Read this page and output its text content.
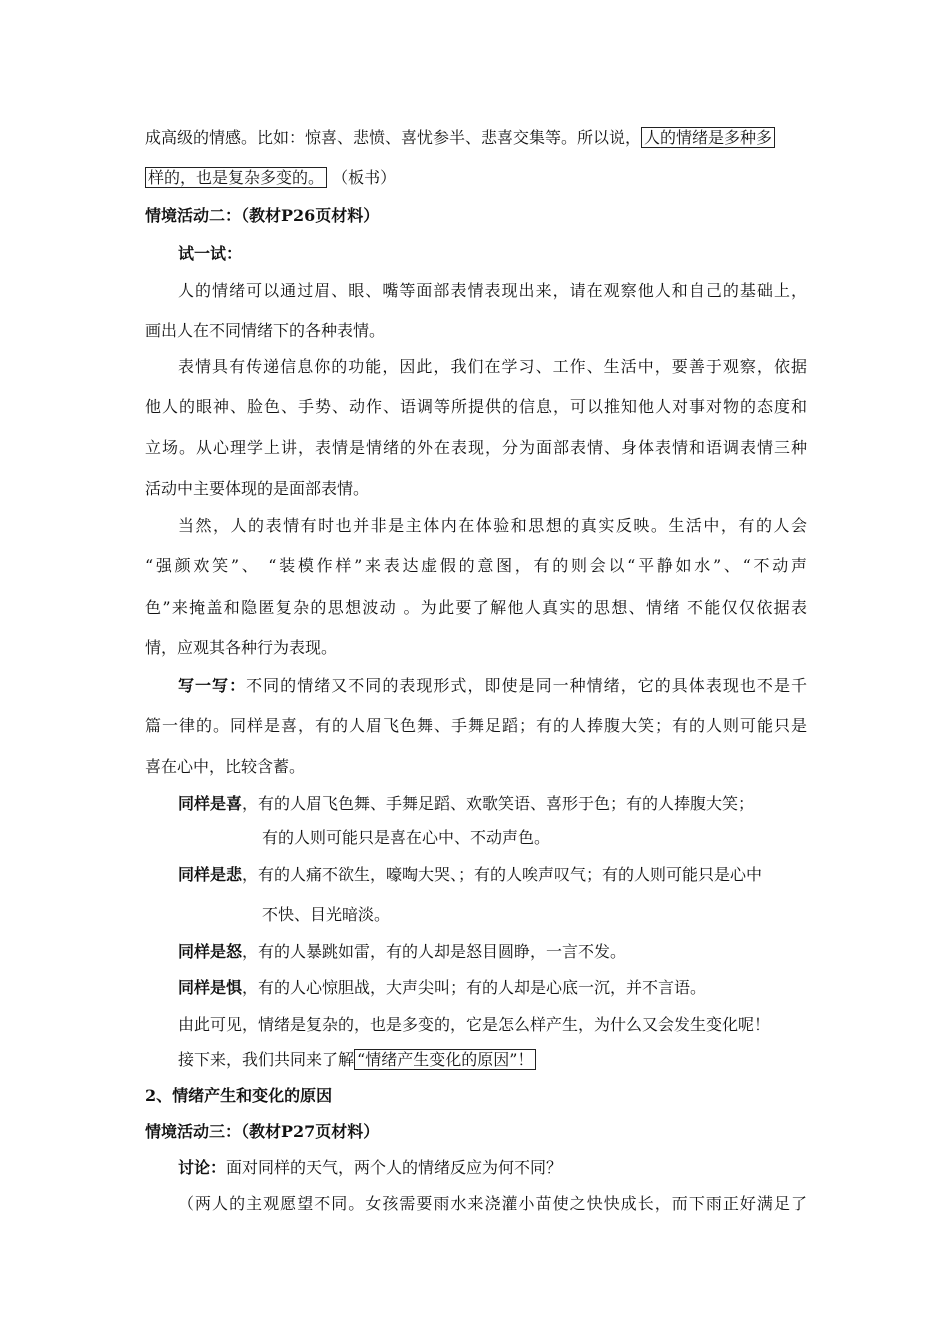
成高级的情感。比如：惊喜、悲愤、喜忧参半、悲喜交集等。所以说， 人的情绪是多种多
样的，也是复杂多变的。 （板书）
情境活动二：（教材P26页材料）
试一试：
人的情绪可以通过眉、眼、嘴等面部表情表现出来，请在观察他人和自己的基础上，
画出人在不同情绪下的各种表情。
表情具有传递信息你的功能，因此，我们在学习、工作、生活中，要善于观察，依据
他人的眼神、脸色、手势、动作、语调等所提供的信息，可以推知他人对事对物的态度和
立场。从心理学上讲，表情是情绪的外在表现，分为面部表情、身体表情和语调表情三种
活动中主要体现的是面部表情。
当然，人的表情有时也并非是主体内在体验和思想的真实反映。生活中，有的人会
“强颜欢笑”、 “装模作样”来表达虚假的意图，有的则会以“平静如水”、“不动声
色”来掩盖和隐匿复杂的思想波动 。为此要了解他人真实的思想、情绪 不能仅仅依据表
情，应观其各种行为表现。
写一写：不同的情绪又不同的表现形式，即使是同一种情绪，它的具体表现也不是千
篇一律的。同样是喜，有的人眉飞色舞、手舞足蹈；有的人捧腹大笑；有的人则可能只是
喜在心中，比较含蓄。
同样是喜，有的人眉飞色舞、手舞足蹈、欢歌笑语、喜形于色；有的人捧腹大笑；
有的人则可能只是喜在心中、不动声色。
同样是悲，有的人痛不欲生，嚎啕大哭、；有的人唉声叹气；有的人则可能只是心中
不快、目光暗淡。
同样是怒，有的人暴跳如雷，有的人却是怒目圆睁，一言不发。
同样是惧，有的人心惊胆战，大声尖叫；有的人却是心底一沉，并不言语。
由此可见，情绪是复杂的，也是多变的，它是怎么样产生，为什么又会发生变化呢！
接下来，我们共同来了解 “情绪产生变化的原因”！
2、情绪产生和变化的原因
情境活动三：（教材P27页材料）
讨论：面对同样的天气，两个人的情绪反应为何不同？
（两人的主观愿望不同。女孩需要雨水来浇灌小苗使之快快成长，而下雨正好满足了
